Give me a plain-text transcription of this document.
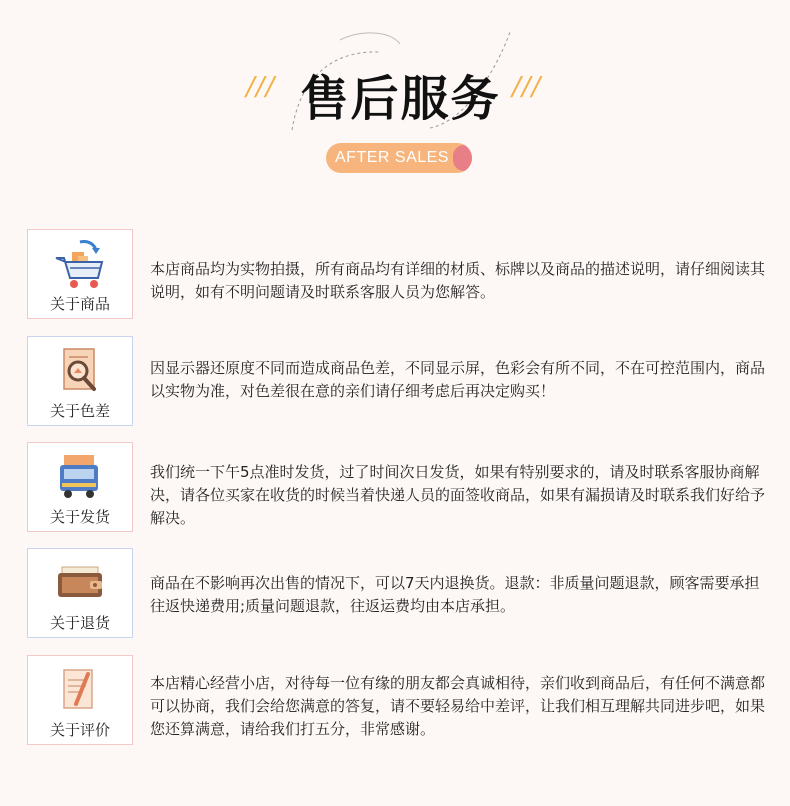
/// 售后服务 ///
AFTER SALES
关于商品
本店商品均为实物拍摄，所有商品均有详细的材质、标牌以及商品的描述说明，请仔细阅读其说明，如有不明问题请及时联系客服人员为您解答。
关于色差
因显示器还原度不同而造成商品色差，不同显示屏，色彩会有所不同，不在可控范围内，商品以实物为准，对色差很在意的亲们请仔细考虑后再决定购买！
关于发货
我们统一下午5点准时发货，过了时间次日发货，如果有特别要求的，请及时联系客服协商解决，请各位买家在收货的时候当着快递人员的面签收商品，如果有漏损请及时联系我们好给予解决。
关于退货
商品在不影响再次出售的情况下，可以7天内退换货。退款：非质量问题退款，顾客需要承担往返快递费用;质量问题退款，往返运费均由本店承担。
关于评价
本店精心经营小店，对待每一位有缘的朋友都会真诚相待，亲们收到商品后，有任何不满意都可以协商，我们会给您满意的答复，请不要轻易给中差评，让我们相互理解共同进步吧，如果您还算满意，请给我们打五分，非常感谢。
